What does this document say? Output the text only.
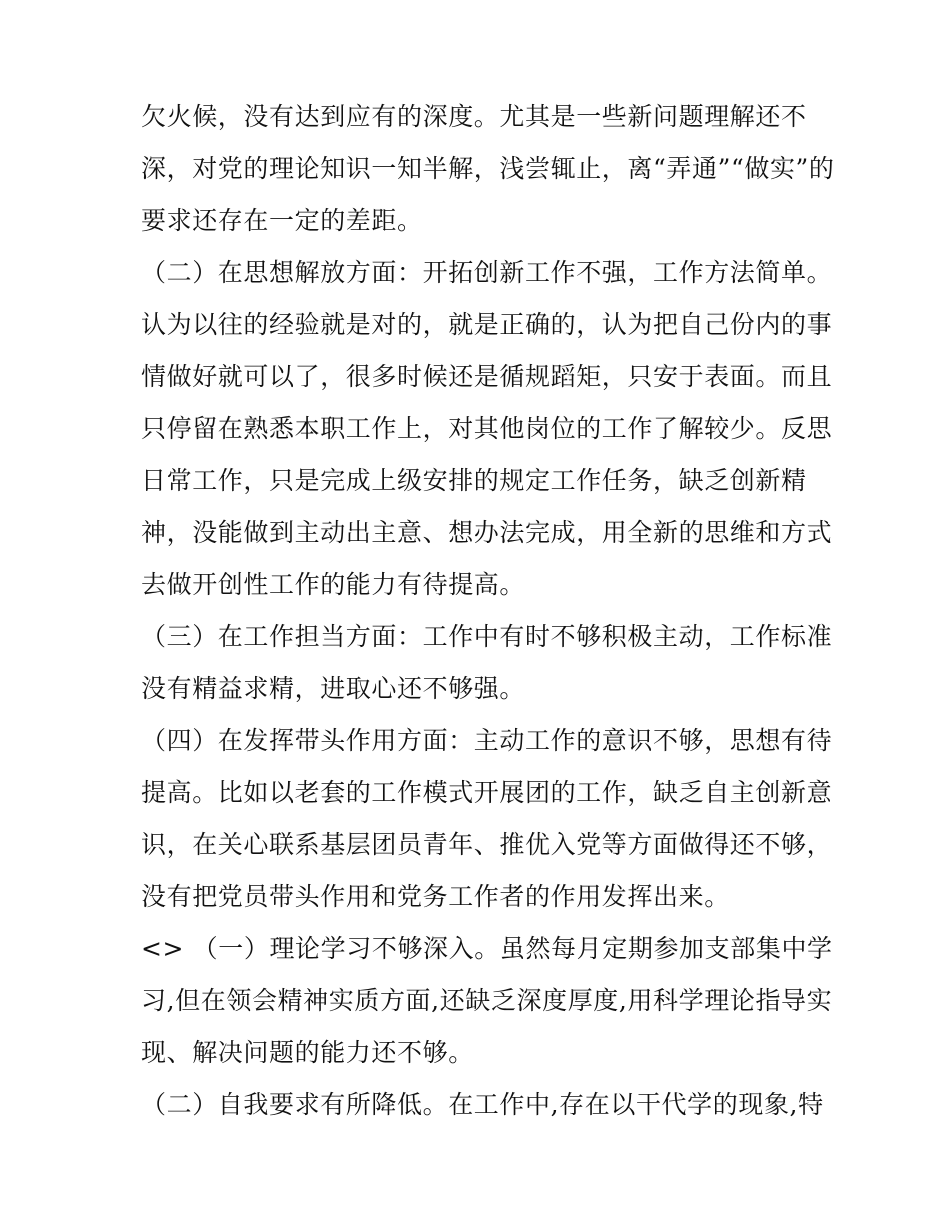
欠火候，没有达到应有的深度。尤其是一些新问题理解还不
深，对党的理论知识一知半解，浅尝辄止，离“弄通”“做实”的
要求还存在一定的差距。
（二）在思想解放方面：开拓创新工作不强，工作方法简单。
认为以往的经验就是对的，就是正确的，认为把自己份内的事
情做好就可以了，很多时候还是循规蹈矩，只安于表面。而且
只停留在熟悉本职工作上，对其他岗位的工作了解较少。反思
日常工作，只是完成上级安排的规定工作任务，缺乏创新精
神，没能做到主动出主意、想办法完成，用全新的思维和方式
去做开创性工作的能力有待提高。
（三）在工作担当方面：工作中有时不够积极主动，工作标准
没有精益求精，进取心还不够强。
（四）在发挥带头作用方面：主动工作的意识不够，思想有待
提高。比如以老套的工作模式开展团的工作，缺乏自主创新意
识，在关心联系基层团员青年、推优入党等方面做得还不够，
没有把党员带头作用和党务工作者的作用发挥出来。
<> （一）理论学习不够深入。虽然每月定期参加支部集中学
习,但在领会精神实质方面,还缺乏深度厚度,用科学理论指导实
现、解决问题的能力还不够。
（二）自我要求有所降低。在工作中,存在以干代学的现象,特
